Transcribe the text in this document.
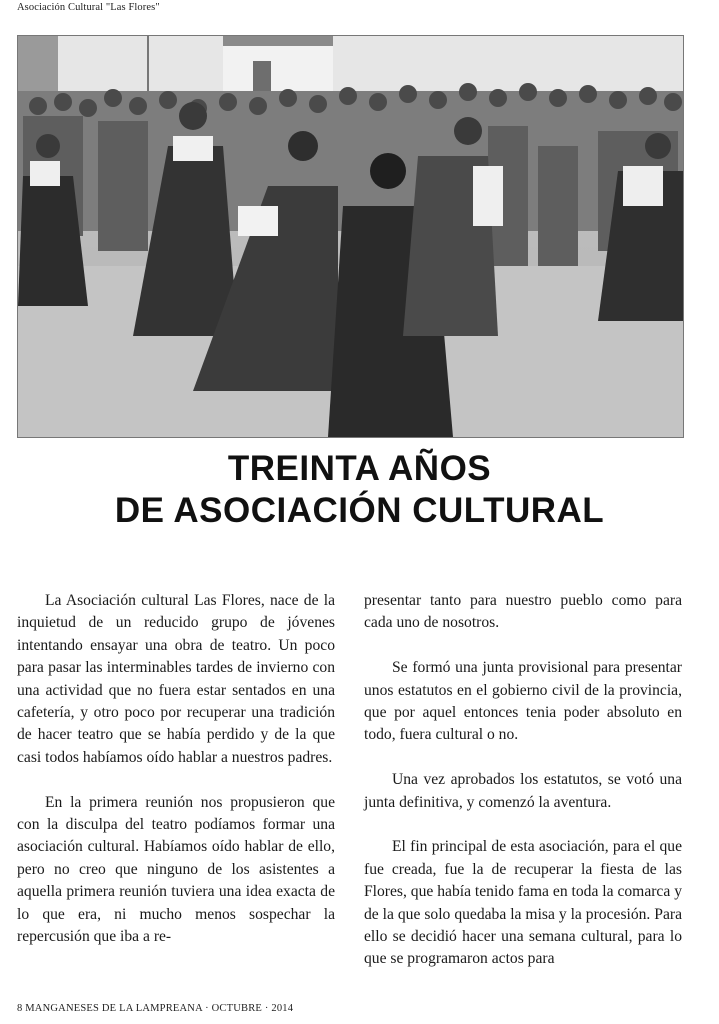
Asociación Cultural "Las Flores"
TREINTA AÑOS
DE ASOCIACIÓN CULTURAL

La Asociación cultural Las Flores, nace de la inquietud de un reducido grupo de jóvenes intentando ensayar una obra de teatro. Un poco para pasar las interminables tardes de invierno con una actividad que no fuera estar sentados en una cafetería, y otro poco por recuperar una tradición de hacer teatro que se había perdido y de la que casi todos habíamos oído hablar a nuestros padres.

En la primera reunión nos propusieron que con la disculpa del teatro podíamos formar una asociación cultural. Habíamos oído hablar de ello, pero no creo que ninguno de los asistentes a aquella primera reunión tuviera una idea exacta de lo que era, ni mucho menos sospechar la repercusión que iba a re-

presentar tanto para nuestro pueblo como para cada uno de nosotros.

Se formó una junta provisional para presentar unos estatutos en el gobierno civil de la provincia, que por aquel entonces tenia poder absoluto en todo, fuera cultural o no.

Una vez aprobados los estatutos, se votó una junta definitiva, y comenzó la aventura.

El fin principal de esta asociación, para el que fue creada, fue la de recuperar la fiesta de las Flores, que había tenido fama en toda la comarca y de la que solo quedaba la misa y la procesión. Para ello se decidió hacer una semana cultural, para lo que se programaron actos para

8 MANGANESES DE LA LAMPREANA · OCTUBRE · 2014
